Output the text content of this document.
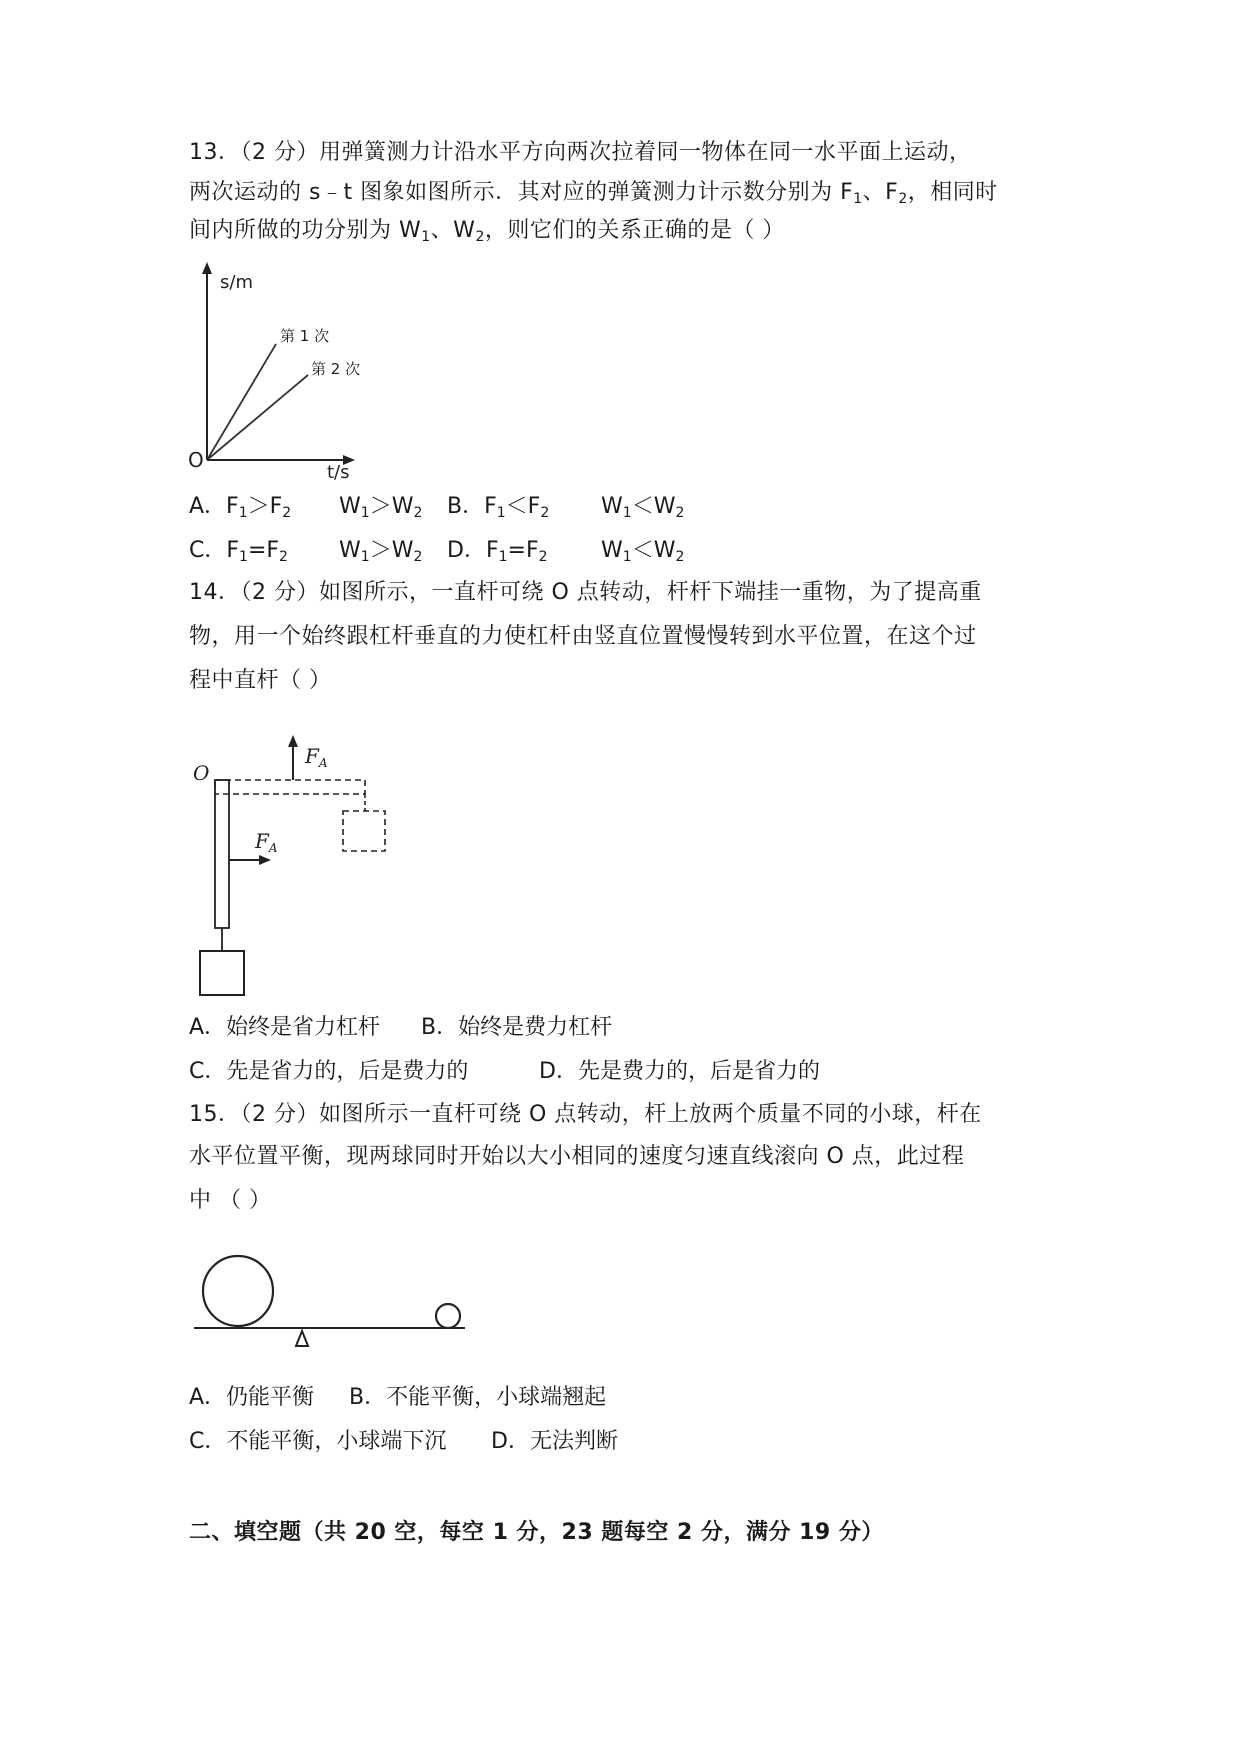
13．（2 分）用弹簧测力计沿水平方向两次拉着同一物体在同一水平面上运动，
两次运动的 s﹣t 图象如图所示．其对应的弹簧测力计示数分别为 $F_1$、$F_2$，相同时
间内所做的功分别为 $W_1$、$W_2$，则它们的关系正确的是（ ）
s/m
t/s
O
第 1 次
第 2 次
A．$F_1>F_2$ $W_1>W_2$ B．$F_1<F_2$ $W_1<W_2$
C．$F_1=F_2$ $W_1>W_2$ D．$F_1=F_2$ $W_1<W_2$
14．（2 分）如图所示，一直杆可绕 O 点转动，杆杆下端挂一重物，为了提高重
物，用一个始终跟杠杆垂直的力使杠杆由竖直位置慢慢转到水平位置，在这个过
程中直杆（ ）
O
$F_A$
$F_A$
A．始终是省力杠杆 B．始终是费力杠杆
C．先是省力的，后是费力的	D．先是费力的，后是省力的
15．（2 分）如图所示一直杆可绕 O 点转动，杆上放两个质量不同的小球，杆在
水平位置平衡，现两球同时开始以大小相同的速度匀速直线滚向 O 点，此过程
中 （ ）
A．仍能平衡 B．不能平衡，小球端翘起
C．不能平衡，小球端下沉 D．无法判断
二、填空题（共 20 空，每空 1 分，23 题每空 2 分，满分 19 分）
